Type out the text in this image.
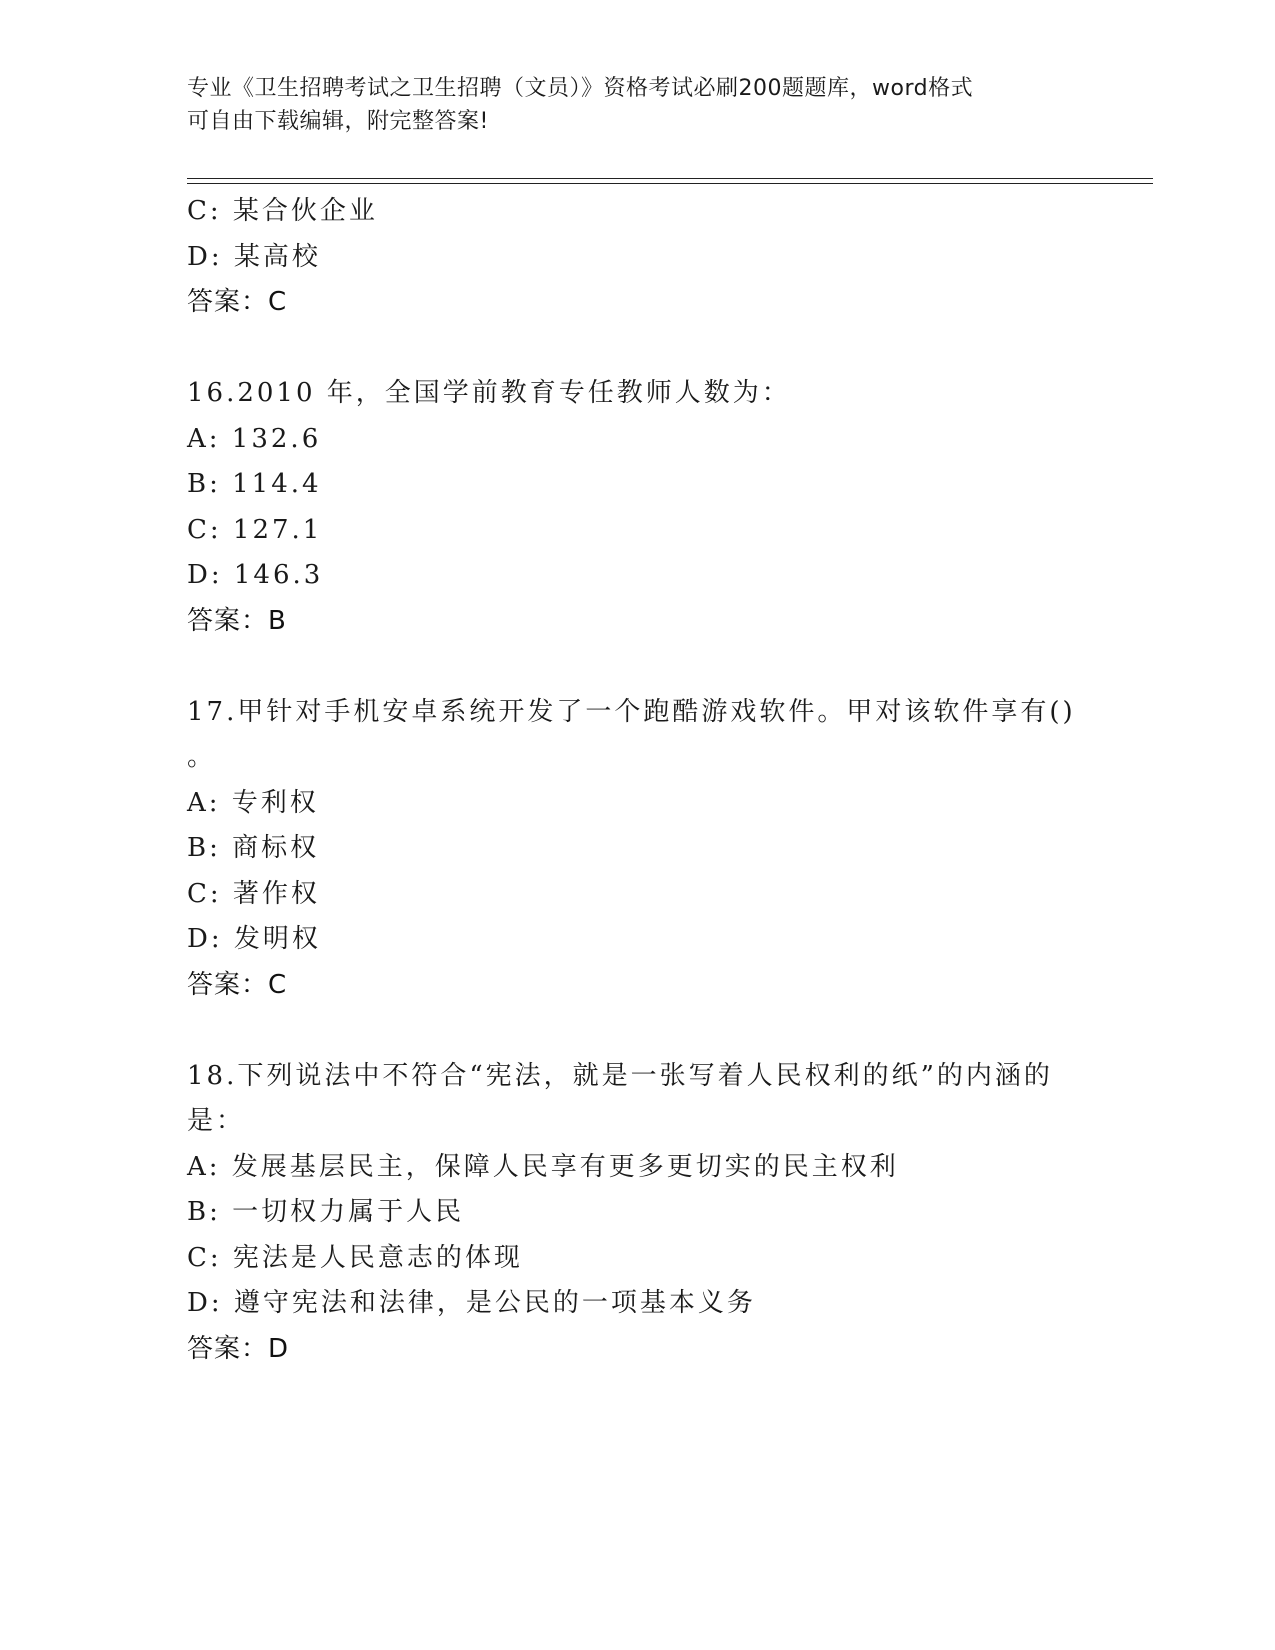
专业《卫生招聘考试之卫生招聘（文员）》资格考试必刷200题题库，word格式
可自由下载编辑，附完整答案!
C: 某合伙企业
D: 某高校
答案：C
16.2010 年，全国学前教育专任教师人数为：
A: 132.6
B: 114.4
C: 127.1
D: 146.3
答案：B
17.甲针对手机安卓系统开发了一个跑酷游戏软件。甲对该软件享有()
。
A: 专利权
B: 商标权
C: 著作权
D: 发明权
答案：C
18.下列说法中不符合“宪法，就是一张写着人民权利的纸”的内涵的
是：
A: 发展基层民主，保障人民享有更多更切实的民主权利
B: 一切权力属于人民
C: 宪法是人民意志的体现
D: 遵守宪法和法律，是公民的一项基本义务
答案：D
